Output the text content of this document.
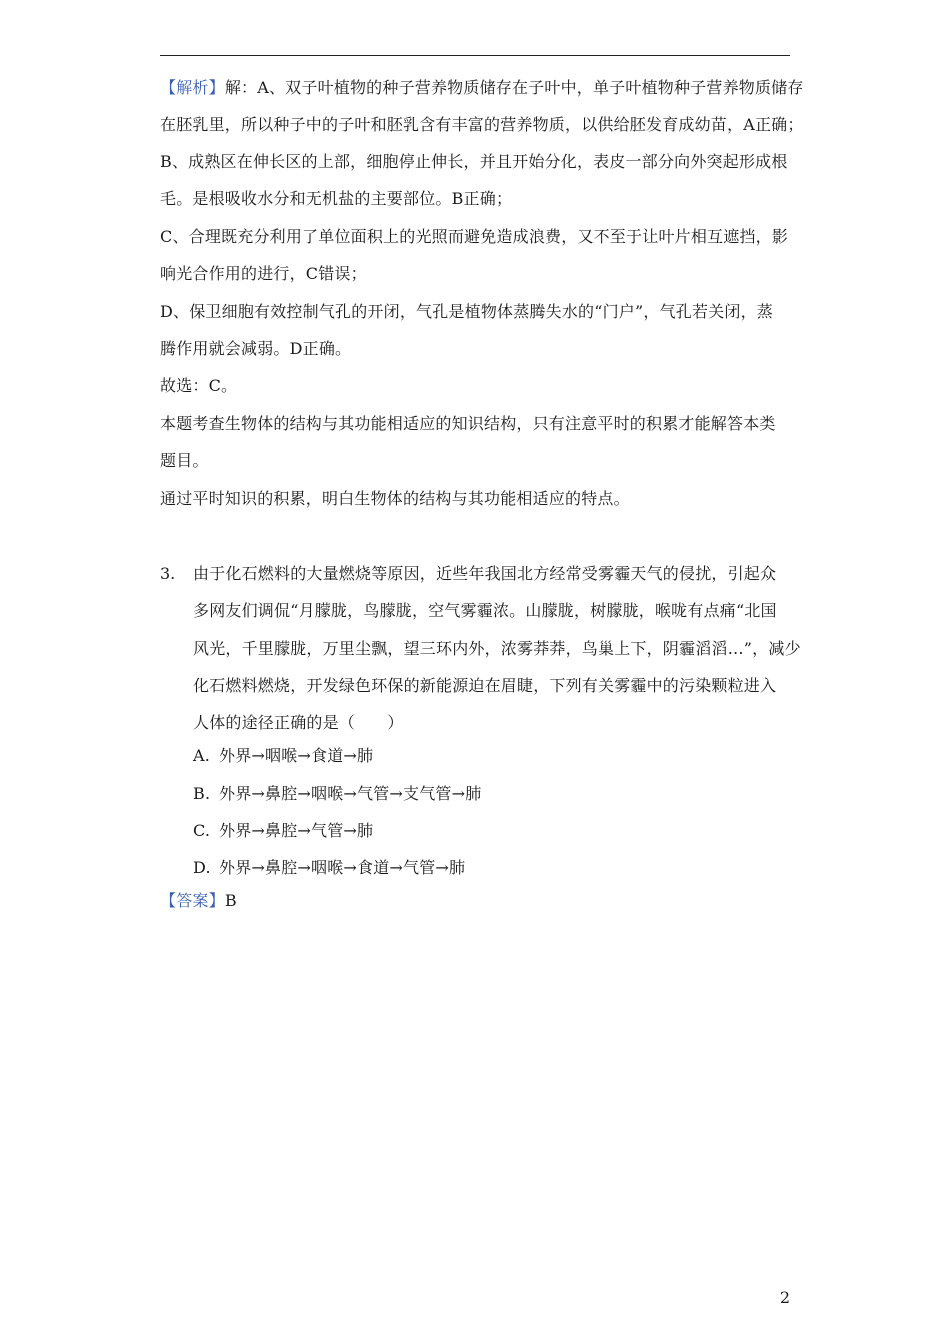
【解析】解：A、双子叶植物的种子营养物质储存在子叶中，单子叶植物种子营养物质储存
在胚乳里，所以种子中的子叶和胚乳含有丰富的营养物质，以供给胚发育成幼苗，A正确；
B、成熟区在伸长区的上部，细胞停止伸长，并且开始分化，表皮一部分向外突起形成根
毛。是根吸收水分和无机盐的主要部位。B正确；
C、合理既充分利用了单位面积上的光照而避免造成浪费，又不至于让叶片相互遮挡，影
响光合作用的进行，C错误；
D、保卫细胞有效控制气孔的开闭，气孔是植物体蒸腾失水的“门户”，气孔若关闭，蒸
腾作用就会减弱。D正确。
故选：C。
本题考查生物体的结构与其功能相适应的知识结构，只有注意平时的积累才能解答本类
题目。
通过平时知识的积累，明白生物体的结构与其功能相适应的特点。
3. 由于化石燃料的大量燃烧等原因，近些年我国北方经常受雾霾天气的侵扰，引起众
多网友们调侃“月朦胧，鸟朦胧，空气雾霾浓。山朦胧，树朦胧，喉咙有点痛“北国
风光，千里朦胧，万里尘飘，望三环内外，浓雾莽莽，鸟巢上下，阴霾滔滔…”，减少
化石燃料燃烧，开发绿色环保的新能源迫在眉睫，下列有关雾霾中的污染颗粒进入
人体的途径正确的是（　　）
A. 外界→咽喉→食道→肺
B. 外界→鼻腔→咽喉→气管→支气管→肺
C. 外界→鼻腔→气管→肺
D. 外界→鼻腔→咽喉→食道→气管→肺
【答案】B
2
